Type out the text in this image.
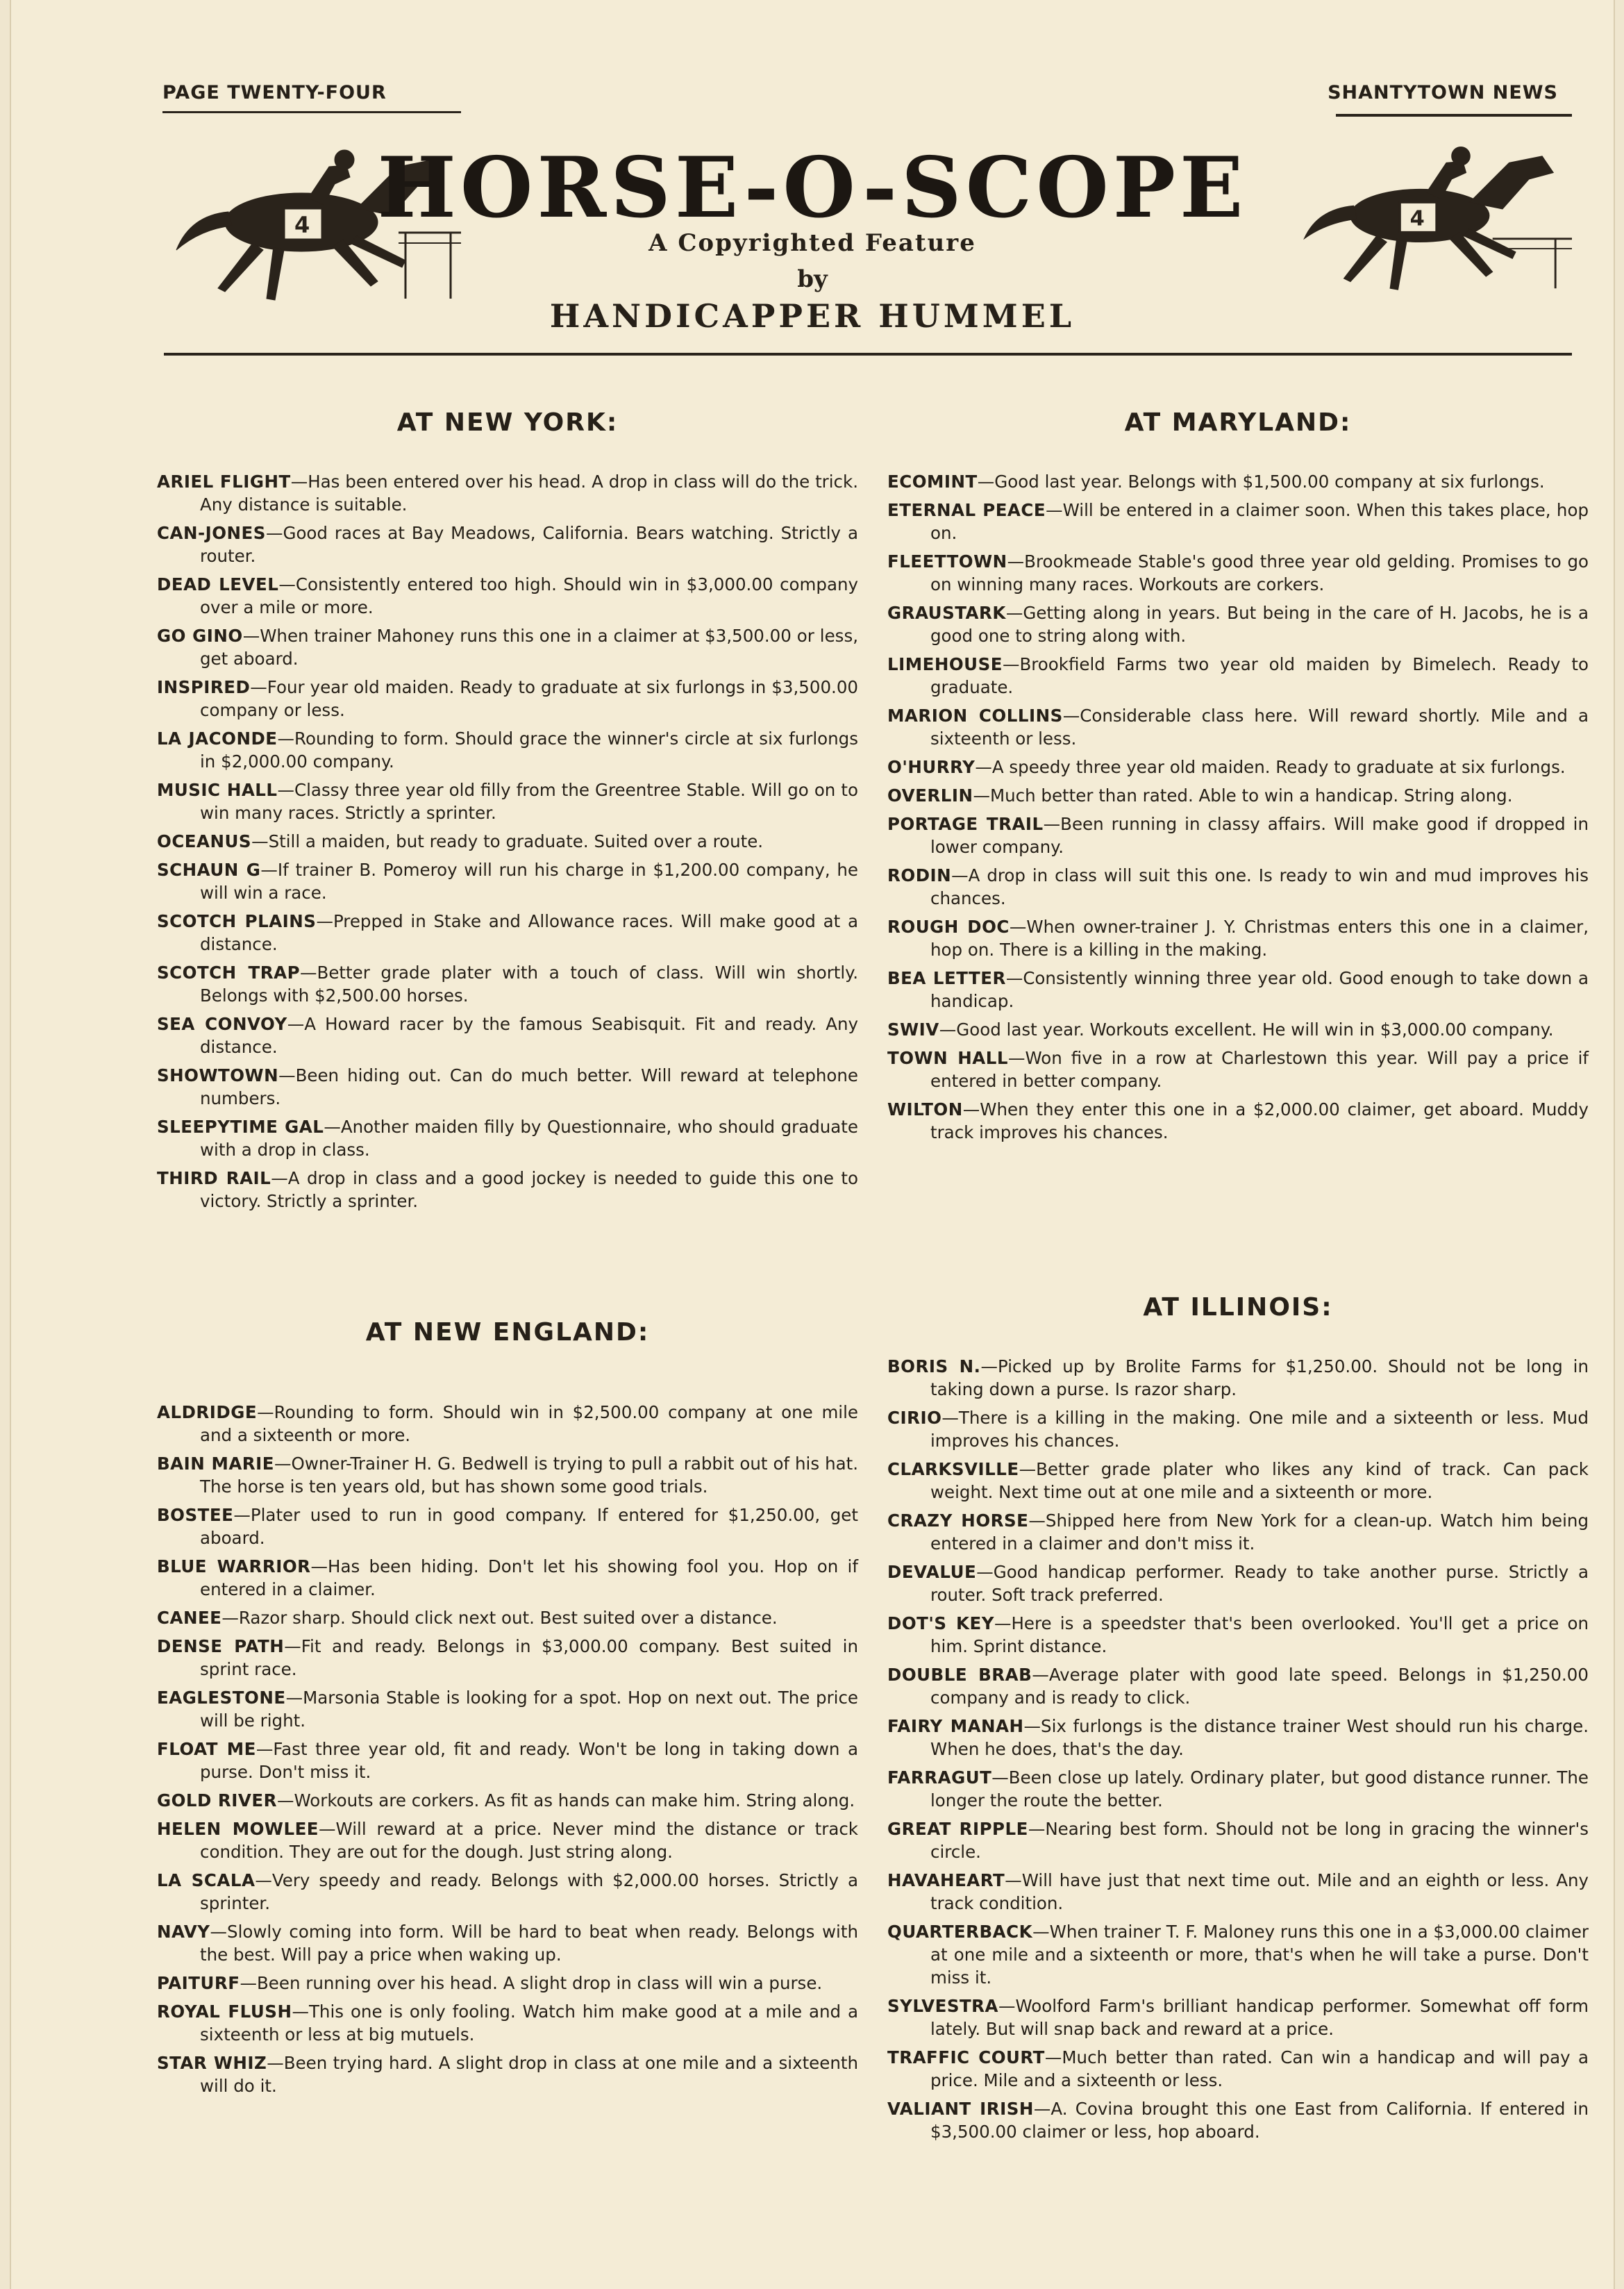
PAGE TWENTY-FOUR	SHANTYTOWN NEWS
4	4
HORSE-O-SCOPE
A Copyrighted Feature
by
HANDICAPPER HUMMEL
AT NEW YORK:
ARIEL FLIGHT—Has been entered over his head. A drop in class will do the trick. Any distance is suitable.
CAN-JONES—Good races at Bay Meadows, California. Bears watching. Strictly a router.
DEAD LEVEL—Consistently entered too high. Should win in $3,000.00 company over a mile or more.
GO GINO—When trainer Mahoney runs this one in a claimer at $3,500.00 or less, get aboard.
INSPIRED—Four year old maiden. Ready to graduate at six furlongs in $3,500.00 company or less.
LA JACONDE—Rounding to form. Should grace the winner's circle at six furlongs in $2,000.00 company.
MUSIC HALL—Classy three year old filly from the Greentree Stable. Will go on to win many races. Strictly a sprinter.
OCEANUS—Still a maiden, but ready to graduate. Suited over a route.
SCHAUN G—If trainer B. Pomeroy will run his charge in $1,200.00 company, he will win a race.
SCOTCH PLAINS—Prepped in Stake and Allowance races. Will make good at a distance.
SCOTCH TRAP—Better grade plater with a touch of class. Will win shortly. Belongs with $2,500.00 horses.
SEA CONVOY—A Howard racer by the famous Seabisquit. Fit and ready. Any distance.
SHOWTOWN—Been hiding out. Can do much better. Will reward at telephone numbers.
SLEEPYTIME GAL—Another maiden filly by Questionnaire, who should graduate with a drop in class.
THIRD RAIL—A drop in class and a good jockey is needed to guide this one to victory. Strictly a sprinter.
AT NEW ENGLAND:
ALDRIDGE—Rounding to form. Should win in $2,500.00 company at one mile and a sixteenth or more.
BAIN MARIE—Owner-Trainer H. G. Bedwell is trying to pull a rabbit out of his hat. The horse is ten years old, but has shown some good trials.
BOSTEE—Plater used to run in good company. If entered for $1,250.00, get aboard.
BLUE WARRIOR—Has been hiding. Don't let his showing fool you. Hop on if entered in a claimer.
CANEE—Razor sharp. Should click next out. Best suited over a distance.
DENSE PATH—Fit and ready. Belongs in $3,000.00 company. Best suited in sprint race.
EAGLESTONE—Marsonia Stable is looking for a spot. Hop on next out. The price will be right.
FLOAT ME—Fast three year old, fit and ready. Won't be long in taking down a purse. Don't miss it.
GOLD RIVER—Workouts are corkers. As fit as hands can make him. String along.
HELEN MOWLEE—Will reward at a price. Never mind the distance or track condition. They are out for the dough. Just string along.
LA SCALA—Very speedy and ready. Belongs with $2,000.00 horses. Strictly a sprinter.
NAVY—Slowly coming into form. Will be hard to beat when ready. Belongs with the best. Will pay a price when waking up.
PAITURF—Been running over his head. A slight drop in class will win a purse.
ROYAL FLUSH—This one is only fooling. Watch him make good at a mile and a sixteenth or less at big mutuels.
STAR WHIZ—Been trying hard. A slight drop in class at one mile and a sixteenth will do it.
AT MARYLAND:
ECOMINT—Good last year. Belongs with $1,500.00 company at six furlongs.
ETERNAL PEACE—Will be entered in a claimer soon. When this takes place, hop on.
FLEETTOWN—Brookmeade Stable's good three year old gelding. Promises to go on winning many races. Workouts are corkers.
GRAUSTARK—Getting along in years. But being in the care of H. Jacobs, he is a good one to string along with.
LIMEHOUSE—Brookfield Farms two year old maiden by Bimelech. Ready to graduate.
MARION COLLINS—Considerable class here. Will reward shortly. Mile and a sixteenth or less.
O'HURRY—A speedy three year old maiden. Ready to graduate at six furlongs.
OVERLIN—Much better than rated. Able to win a handicap. String along.
PORTAGE TRAIL—Been running in classy affairs. Will make good if dropped in lower company.
RODIN—A drop in class will suit this one. Is ready to win and mud improves his chances.
ROUGH DOC—When owner-trainer J. Y. Christmas enters this one in a claimer, hop on. There is a killing in the making.
BEA LETTER—Consistently winning three year old. Good enough to take down a handicap.
SWIV—Good last year. Workouts excellent. He will win in $3,000.00 company.
TOWN HALL—Won five in a row at Charlestown this year. Will pay a price if entered in better company.
WILTON—When they enter this one in a $2,000.00 claimer, get aboard. Muddy track improves his chances.
AT ILLINOIS:
BORIS N.—Picked up by Brolite Farms for $1,250.00. Should not be long in taking down a purse. Is razor sharp.
CIRIO—There is a killing in the making. One mile and a sixteenth or less. Mud improves his chances.
CLARKSVILLE—Better grade plater who likes any kind of track. Can pack weight. Next time out at one mile and a sixteenth or more.
CRAZY HORSE—Shipped here from New York for a clean-up. Watch him being entered in a claimer and don't miss it.
DEVALUE—Good handicap performer. Ready to take another purse. Strictly a router. Soft track preferred.
DOT'S KEY—Here is a speedster that's been overlooked. You'll get a price on him. Sprint distance.
DOUBLE BRAB—Average plater with good late speed. Belongs in $1,250.00 company and is ready to click.
FAIRY MANAH—Six furlongs is the distance trainer West should run his charge. When he does, that's the day.
FARRAGUT—Been close up lately. Ordinary plater, but good distance runner. The longer the route the better.
GREAT RIPPLE—Nearing best form. Should not be long in gracing the winner's circle.
HAVAHEART—Will have just that next time out. Mile and an eighth or less. Any track condition.
QUARTERBACK—When trainer T. F. Maloney runs this one in a $3,000.00 claimer at one mile and a sixteenth or more, that's when he will take a purse. Don't miss it.
SYLVESTRA—Woolford Farm's brilliant handicap performer. Somewhat off form lately. But will snap back and reward at a price.
TRAFFIC COURT—Much better than rated. Can win a handicap and will pay a price. Mile and a sixteenth or less.
VALIANT IRISH—A. Covina brought this one East from California. If entered in $3,500.00 claimer or less, hop aboard.
